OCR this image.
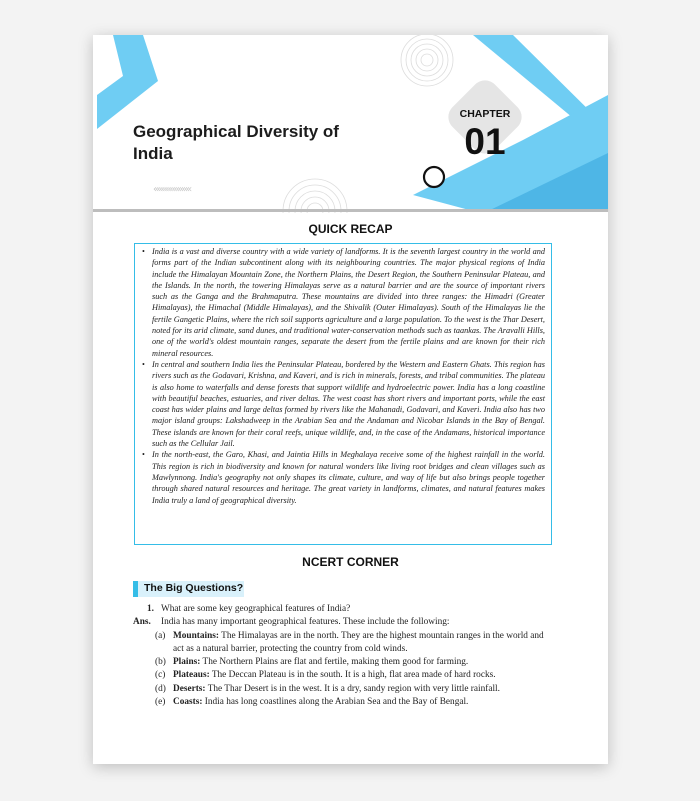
Geographical Diversity of India
«««««««««
CHAPTER
01
QUICK RECAP
• India is a vast and diverse country with a wide variety of landforms. It is the seventh largest country in the world and forms part of the Indian subcontinent along with its neighbouring countries. The major physical regions of India include the Himalayan Mountain Zone, the Northern Plains, the Desert Region, the Southern Peninsular Plateau, and the Islands. In the north, the towering Himalayas serve as a natural barrier and are the source of important rivers such as the Ganga and the Brahmaputra. These mountains are divided into three ranges: the Himadri (Greater Himalayas), the Himachal (Middle Himalayas), and the Shivalik (Outer Himalayas). South of the Himalayas lie the fertile Gangetic Plains, where the rich soil supports agriculture and a large population. To the west is the Thar Desert, noted for its arid climate, sand dunes, and traditional water-conservation methods such as taankas. The Aravalli Hills, one of the world's oldest mountain ranges, separate the desert from the fertile plains and are known for their rich mineral resources.
• In central and southern India lies the Peninsular Plateau, bordered by the Western and Eastern Ghats. This region has rivers such as the Godavari, Krishna, and Kaveri, and is rich in minerals, forests, and tribal communities. The plateau is also home to waterfalls and dense forests that support wildlife and hydroelectric power. India has a long coastline with beautiful beaches, estuaries, and river deltas. The west coast has short rivers and important ports, while the east coast has wider plains and large deltas formed by rivers like the Mahanadi, Godavari, and Kaveri. India also has two major island groups: Lakshadweep in the Arabian Sea and the Andaman and Nicobar Islands in the Bay of Bengal. These islands are known for their coral reefs, unique wildlife, and, in the case of the Andamans, historical importance such as the Cellular Jail.
• In the north-east, the Garo, Khasi, and Jaintia Hills in Meghalaya receive some of the highest rainfall in the world. This region is rich in biodiversity and known for natural wonders like living root bridges and clean villages such as Mawlynnong. India's geography not only shapes its climate, culture, and way of life but also brings people together through shared natural resources and heritage. The great variety in landforms, climates, and natural features makes India truly a land of geographical diversity.
NCERT CORNER
The Big Questions?
1. What are some key geographical features of India?
Ans. India has many important geographical features. These include the following:
(a) Mountains: The Himalayas are in the north. They are the highest mountain ranges in the world and act as a natural barrier, protecting the country from cold winds.
(b) Plains: The Northern Plains are flat and fertile, making them good for farming.
(c) Plateaus: The Deccan Plateau is in the south. It is a high, flat area made of hard rocks.
(d) Deserts: The Thar Desert is in the west. It is a dry, sandy region with very little rainfall.
(e) Coasts: India has long coastlines along the Arabian Sea and the Bay of Bengal.
